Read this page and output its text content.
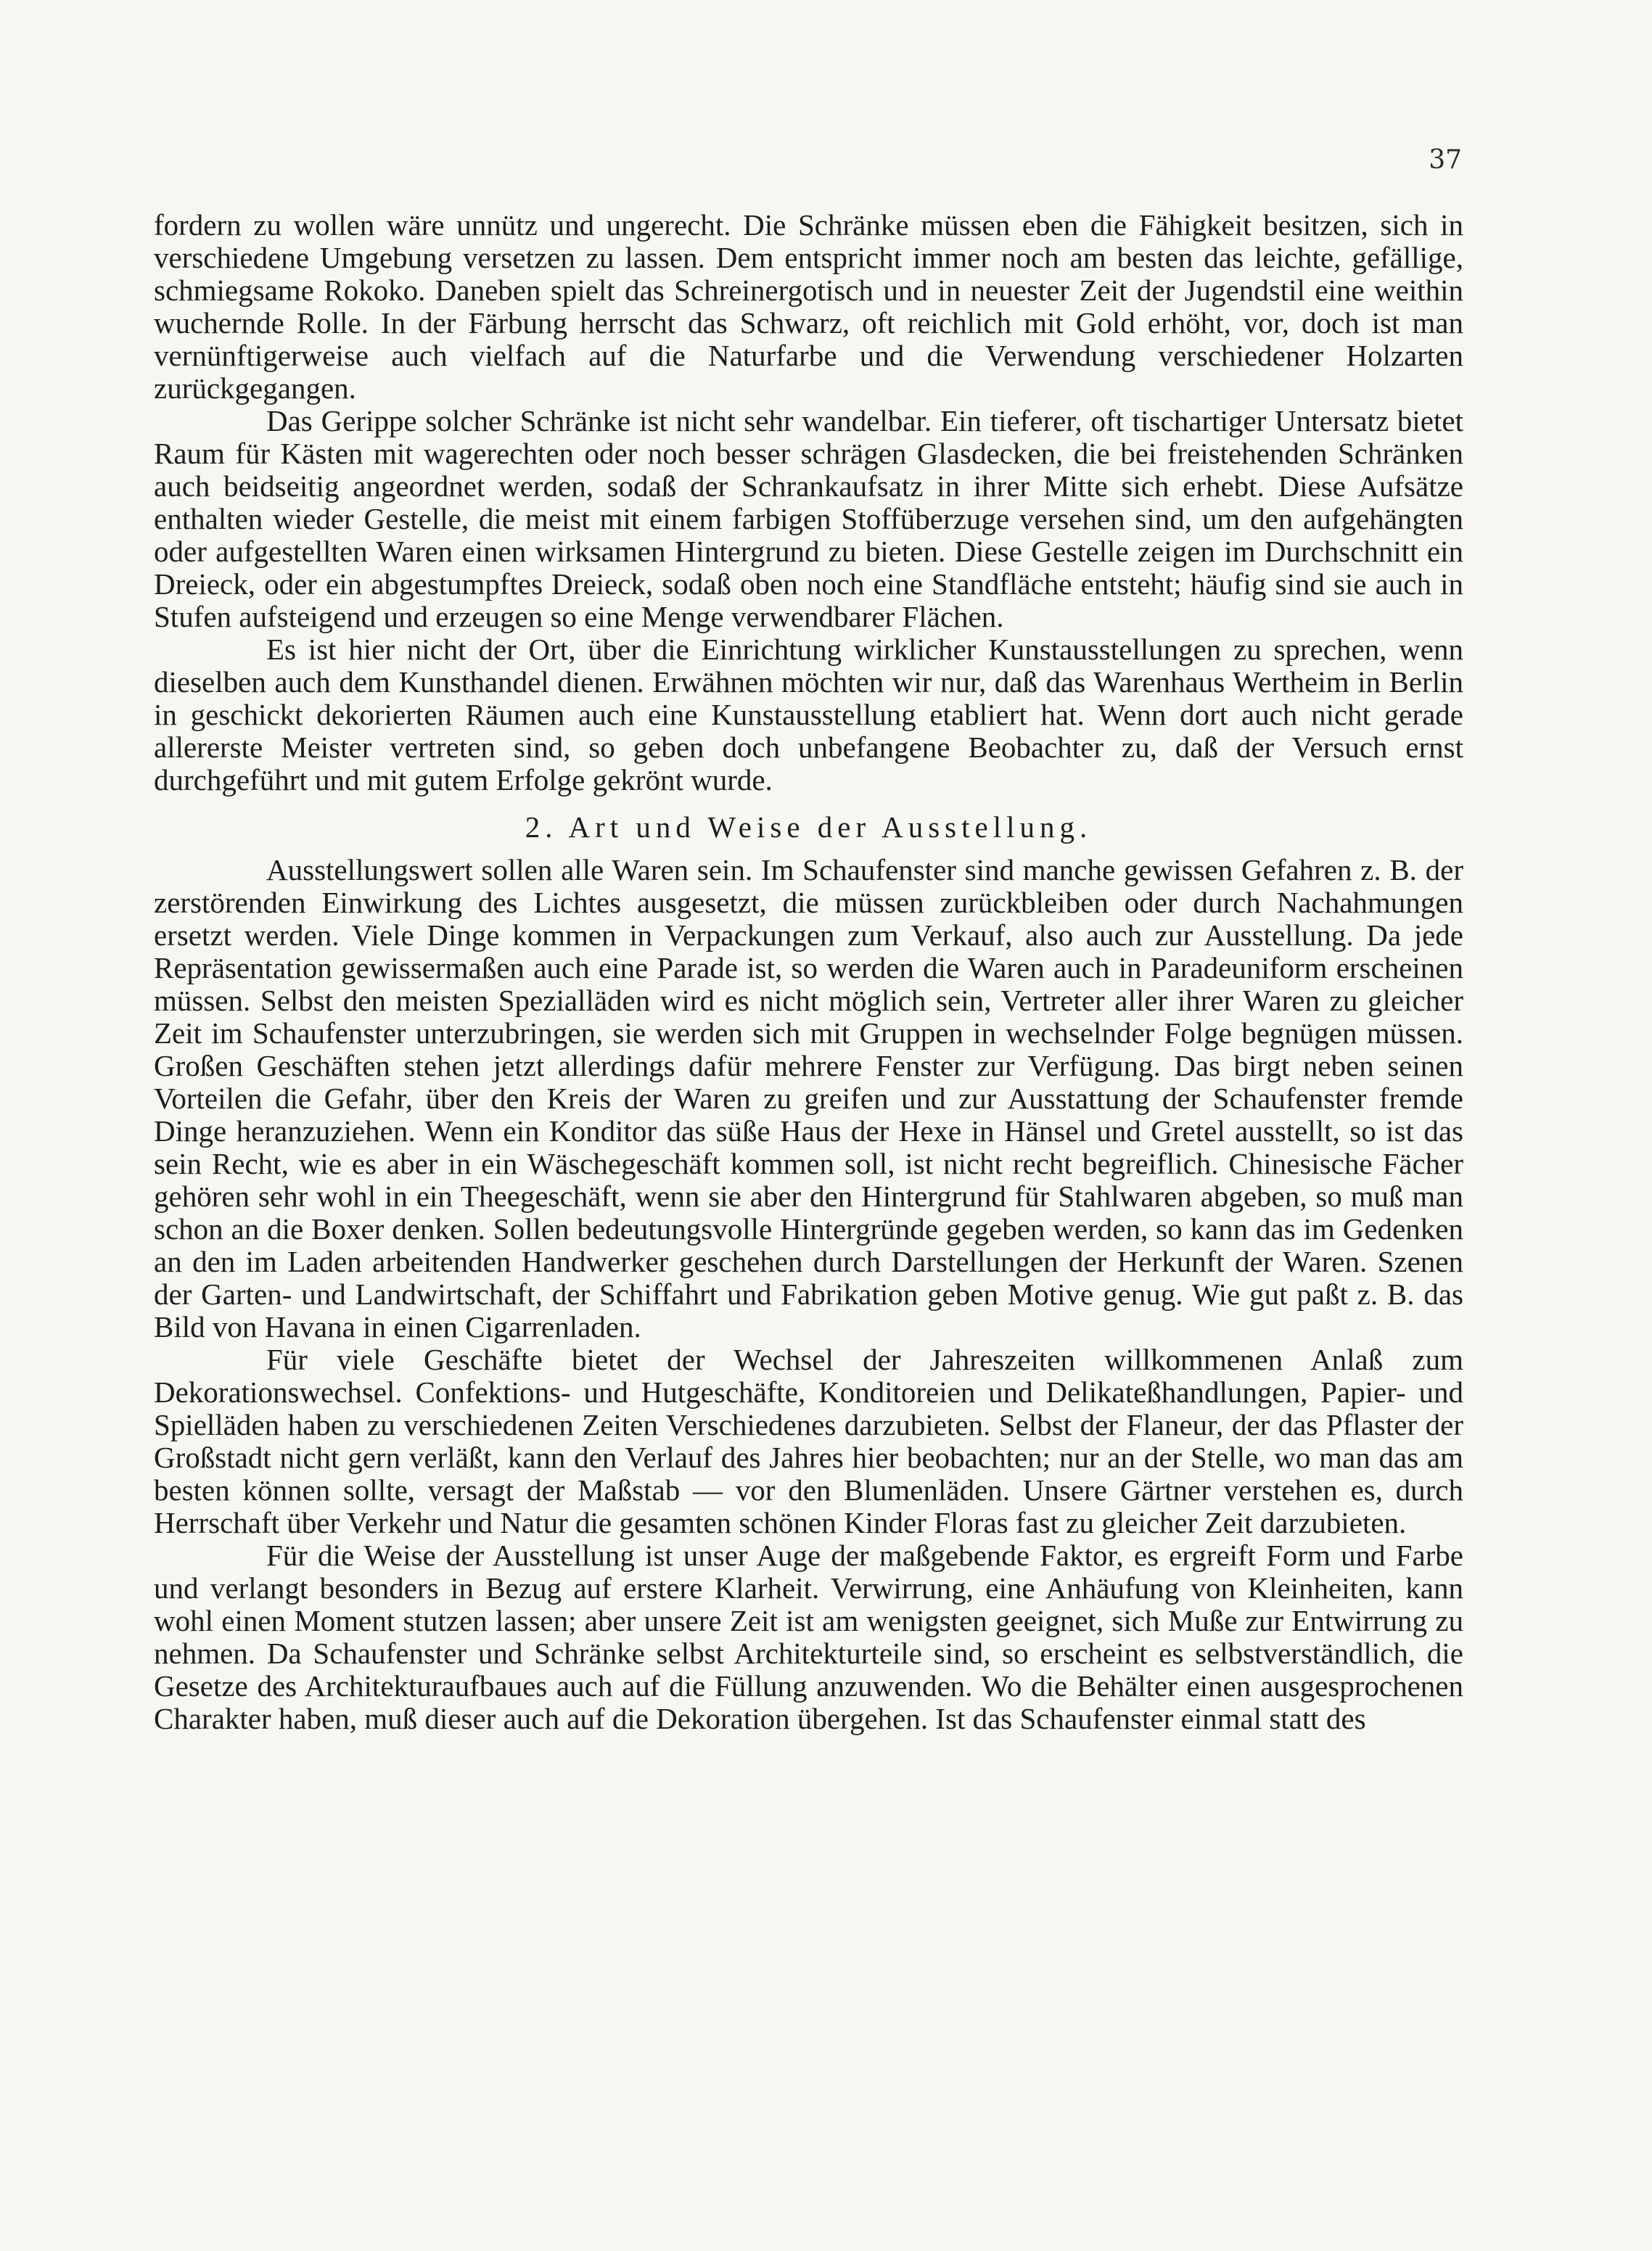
37

fordern zu wollen wäre unnütz und ungerecht. Die Schränke müssen eben die Fähigkeit besitzen, sich in verschiedene Umgebung versetzen zu lassen. Dem entspricht immer noch am besten das leichte, gefällige, schmiegsame Rokoko. Daneben spielt das Schreinergotisch und in neuester Zeit der Jugendstil eine weithin wuchernde Rolle. In der Färbung herrscht das Schwarz, oft reichlich mit Gold erhöht, vor, doch ist man vernünftigerweise auch vielfach auf die Naturfarbe und die Verwendung verschiedener Holzarten zurückgegangen.

Das Gerippe solcher Schränke ist nicht sehr wandelbar. Ein tieferer, oft tischartiger Untersatz bietet Raum für Kästen mit wagerechten oder noch besser schrägen Glasdecken, die bei freistehenden Schränken auch beidseitig angeordnet werden, sodaß der Schrankaufsatz in ihrer Mitte sich erhebt. Diese Aufsätze enthalten wieder Gestelle, die meist mit einem farbigen Stoffüberzuge versehen sind, um den aufgehängten oder aufgestellten Waren einen wirksamen Hintergrund zu bieten. Diese Gestelle zeigen im Durchschnitt ein Dreieck, oder ein abgestumpftes Dreieck, sodaß oben noch eine Standfläche entsteht; häufig sind sie auch in Stufen aufsteigend und erzeugen so eine Menge verwendbarer Flächen.

Es ist hier nicht der Ort, über die Einrichtung wirklicher Kunstausstellungen zu sprechen, wenn dieselben auch dem Kunsthandel dienen. Erwähnen möchten wir nur, daß das Warenhaus Wertheim in Berlin in geschickt dekorierten Räumen auch eine Kunstausstellung etabliert hat. Wenn dort auch nicht gerade allererste Meister vertreten sind, so geben doch unbefangene Beobachter zu, daß der Versuch ernst durchgeführt und mit gutem Erfolge gekrönt wurde.

2. Art und Weise der Ausstellung.

Ausstellungswert sollen alle Waren sein. Im Schaufenster sind manche gewissen Gefahren z. B. der zerstörenden Einwirkung des Lichtes ausgesetzt, die müssen zurückbleiben oder durch Nachahmungen ersetzt werden. Viele Dinge kommen in Verpackungen zum Verkauf, also auch zur Ausstellung. Da jede Repräsentation gewissermaßen auch eine Parade ist, so werden die Waren auch in Paradeuniform erscheinen müssen. Selbst den meisten Spezialläden wird es nicht möglich sein, Vertreter aller ihrer Waren zu gleicher Zeit im Schaufenster unterzubringen, sie werden sich mit Gruppen in wechselnder Folge begnügen müssen. Großen Geschäften stehen jetzt allerdings dafür mehrere Fenster zur Verfügung. Das birgt neben seinen Vorteilen die Gefahr, über den Kreis der Waren zu greifen und zur Ausstattung der Schaufenster fremde Dinge heranzuziehen. Wenn ein Konditor das süße Haus der Hexe in Hänsel und Gretel ausstellt, so ist das sein Recht, wie es aber in ein Wäschegeschäft kommen soll, ist nicht recht begreiflich. Chinesische Fächer gehören sehr wohl in ein Theegeschäft, wenn sie aber den Hintergrund für Stahlwaren abgeben, so muß man schon an die Boxer denken. Sollen bedeutungsvolle Hintergründe gegeben werden, so kann das im Gedenken an den im Laden arbeitenden Handwerker geschehen durch Darstellungen der Herkunft der Waren. Szenen der Garten- und Landwirtschaft, der Schiffahrt und Fabrikation geben Motive genug. Wie gut paßt z. B. das Bild von Havana in einen Cigarrenladen.

Für viele Geschäfte bietet der Wechsel der Jahreszeiten willkommenen Anlaß zum Dekorationswechsel. Confektions- und Hutgeschäfte, Konditoreien und Delikateßhandlungen, Papier- und Spielläden haben zu verschiedenen Zeiten Verschiedenes darzubieten. Selbst der Flaneur, der das Pflaster der Großstadt nicht gern verläßt, kann den Verlauf des Jahres hier beobachten; nur an der Stelle, wo man das am besten können sollte, versagt der Maßstab — vor den Blumenläden. Unsere Gärtner verstehen es, durch Herrschaft über Verkehr und Natur die gesamten schönen Kinder Floras fast zu gleicher Zeit darzubieten.

Für die Weise der Ausstellung ist unser Auge der maßgebende Faktor, es ergreift Form und Farbe und verlangt besonders in Bezug auf erstere Klarheit. Verwirrung, eine Anhäufung von Kleinheiten, kann wohl einen Moment stutzen lassen; aber unsere Zeit ist am wenigsten geeignet, sich Muße zur Entwirrung zu nehmen. Da Schaufenster und Schränke selbst Architekturteile sind, so erscheint es selbstverständlich, die Gesetze des Architekturaufbaues auch auf die Füllung anzuwenden. Wo die Behälter einen ausgesprochenen Charakter haben, muß dieser auch auf die Dekoration übergehen. Ist das Schaufenster einmal statt des
